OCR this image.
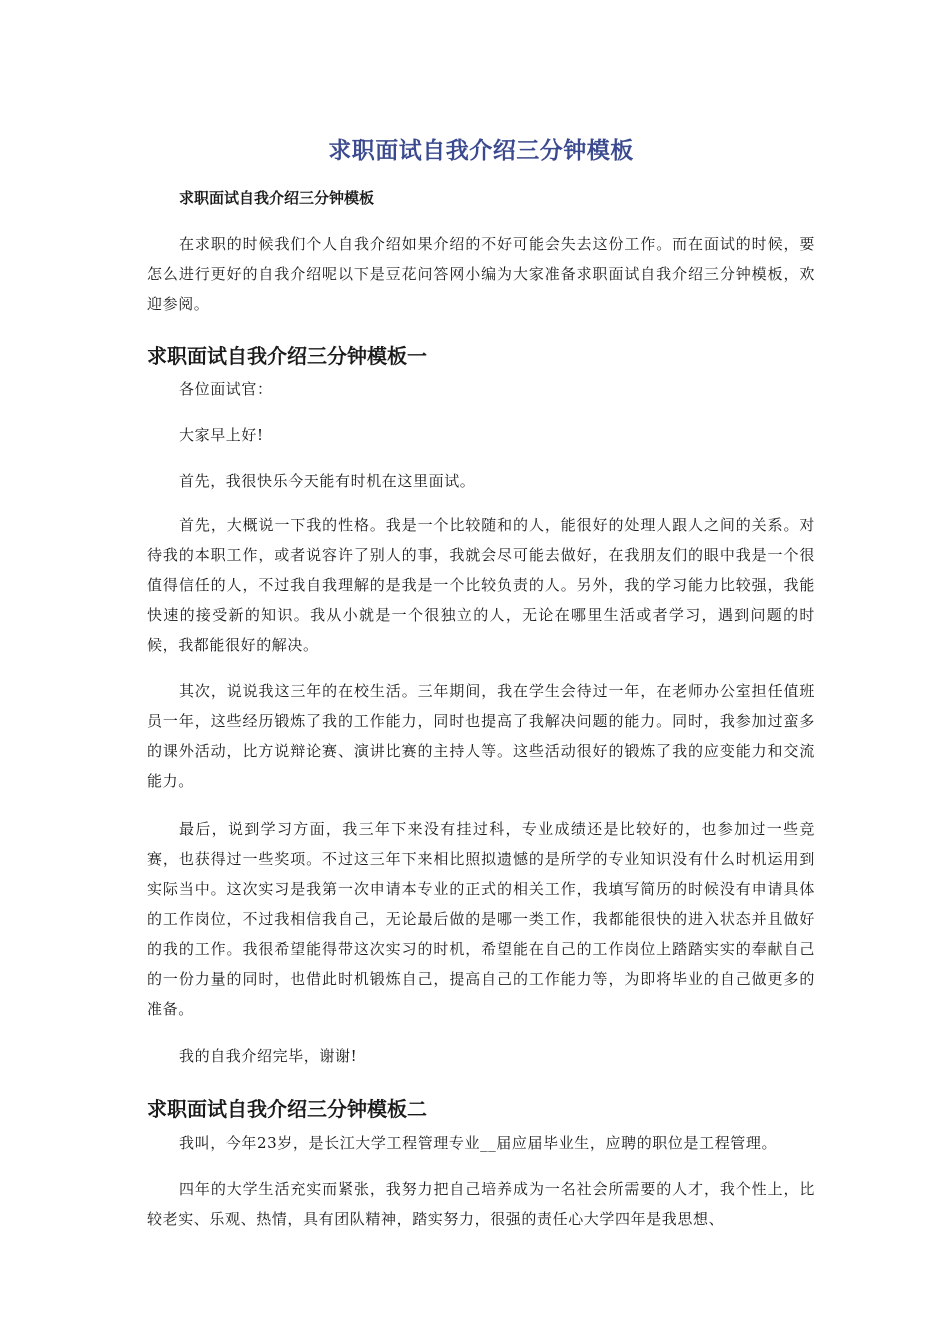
求职面试自我介绍三分钟模板

求职面试自我介绍三分钟模板

在求职的时候我们个人自我介绍如果介绍的不好可能会失去这份工作。而在面试的时候，要怎么进行更好的自我介绍呢以下是豆花问答网小编为大家准备求职面试自我介绍三分钟模板，欢迎参阅。

求职面试自我介绍三分钟模板一

各位面试官：

大家早上好!

首先，我很快乐今天能有时机在这里面试。

首先，大概说一下我的性格。我是一个比较随和的人，能很好的处理人跟人之间的关系。对待我的本职工作，或者说容许了别人的事，我就会尽可能去做好，在我朋友们的眼中我是一个很值得信任的人，不过我自我理解的是我是一个比较负责的人。另外，我的学习能力比较强，我能快速的接受新的知识。我从小就是一个很独立的人，无论在哪里生活或者学习，遇到问题的时候，我都能很好的解决。

其次，说说我这三年的在校生活。三年期间，我在学生会待过一年，在老师办公室担任值班员一年，这些经历锻炼了我的工作能力，同时也提高了我解决问题的能力。同时，我参加过蛮多的课外活动，比方说辩论赛、演讲比赛的主持人等。这些活动很好的锻炼了我的应变能力和交流能力。

最后，说到学习方面，我三年下来没有挂过科，专业成绩还是比较好的，也参加过一些竞赛，也获得过一些奖项。不过这三年下来相比照拟遗憾的是所学的专业知识没有什么时机运用到实际当中。这次实习是我第一次申请本专业的正式的相关工作，我填写简历的时候没有申请具体的工作岗位，不过我相信我自己，无论最后做的是哪一类工作，我都能很快的进入状态并且做好的我的工作。我很希望能得带这次实习的时机，希望能在自己的工作岗位上踏踏实实的奉献自己的一份力量的同时，也借此时机锻炼自己，提高自己的工作能力等，为即将毕业的自己做更多的准备。

我的自我介绍完毕，谢谢!

求职面试自我介绍三分钟模板二

我叫，今年23岁，是长江大学工程管理专业__届应届毕业生，应聘的职位是工程管理。

四年的大学生活充实而紧张，我努力把自己培养成为一名社会所需要的人才，我个性上，比较老实、乐观、热情，具有团队精神，踏实努力，很强的责任心大学四年是我思想、
